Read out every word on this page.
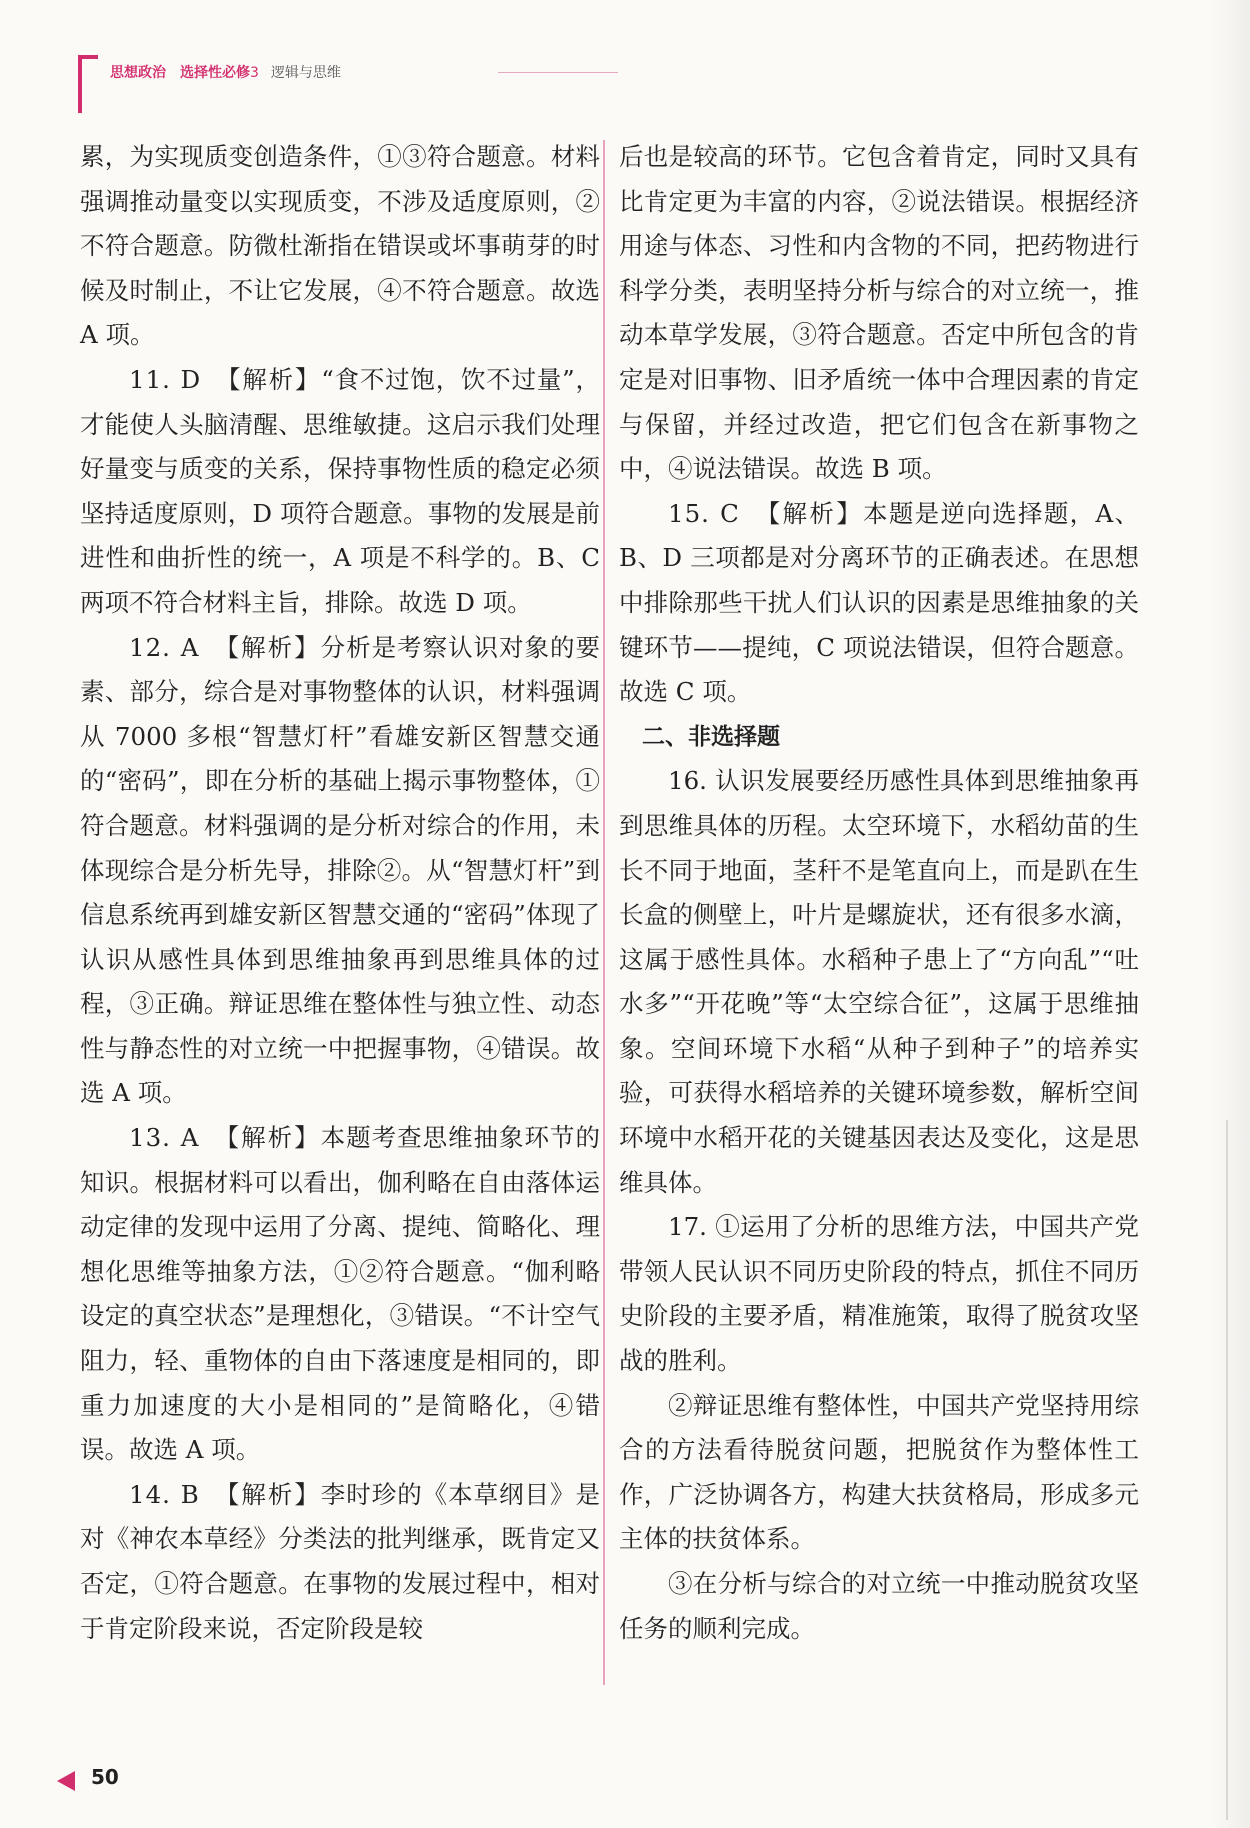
思想政治 选择性必修3 逻辑与思维

累，为实现质变创造条件，①③符合题意。材料强调推动量变以实现质变，不涉及适度原则，②不符合题意。防微杜渐指在错误或坏事萌芽的时候及时制止，不让它发展，④不符合题意。故选 A 项。

11. D　【解析】“食不过饱，饮不过量”，才能使人头脑清醒、思维敏捷。这启示我们处理好量变与质变的关系，保持事物性质的稳定必须坚持适度原则，D 项符合题意。事物的发展是前进性和曲折性的统一，A 项是不科学的。B、C 两项不符合材料主旨，排除。故选 D 项。

12. A　【解析】分析是考察认识对象的要素、部分，综合是对事物整体的认识，材料强调从 7000 多根“智慧灯杆”看雄安新区智慧交通的“密码”，即在分析的基础上揭示事物整体，①符合题意。材料强调的是分析对综合的作用，未体现综合是分析先导，排除②。从“智慧灯杆”到信息系统再到雄安新区智慧交通的“密码”体现了认识从感性具体到思维抽象再到思维具体的过程，③正确。辩证思维在整体性与独立性、动态性与静态性的对立统一中把握事物，④错误。故选 A 项。

13. A　【解析】本题考查思维抽象环节的知识。根据材料可以看出，伽利略在自由落体运动定律的发现中运用了分离、提纯、简略化、理想化思维等抽象方法，①②符合题意。“伽利略设定的真空状态”是理想化，③错误。“不计空气阻力，轻、重物体的自由下落速度是相同的，即重力加速度的大小是相同的”是简略化，④错误。故选 A 项。

14. B　【解析】李时珍的《本草纲目》是对《神农本草经》分类法的批判继承，既肯定又否定，①符合题意。在事物的发展过程中，相对于肯定阶段来说，否定阶段是较

后也是较高的环节。它包含着肯定，同时又具有比肯定更为丰富的内容，②说法错误。根据经济用途与体态、习性和内含物的不同，把药物进行科学分类，表明坚持分析与综合的对立统一，推动本草学发展，③符合题意。否定中所包含的肯定是对旧事物、旧矛盾统一体中合理因素的肯定与保留，并经过改造，把它们包含在新事物之中，④说法错误。故选 B 项。

15. C　【解析】本题是逆向选择题，A、B、D 三项都是对分离环节的正确表述。在思想中排除那些干扰人们认识的因素是思维抽象的关键环节——提纯，C 项说法错误，但符合题意。故选 C 项。

二、非选择题

16. 认识发展要经历感性具体到思维抽象再到思维具体的历程。太空环境下，水稻幼苗的生长不同于地面，茎秆不是笔直向上，而是趴在生长盒的侧壁上，叶片是螺旋状，还有很多水滴，这属于感性具体。水稻种子患上了“方向乱”“吐水多”“开花晚”等“太空综合征”，这属于思维抽象。空间环境下水稻“从种子到种子”的培养实验，可获得水稻培养的关键环境参数，解析空间环境中水稻开花的关键基因表达及变化，这是思维具体。

17. ①运用了分析的思维方法，中国共产党带领人民认识不同历史阶段的特点，抓住不同历史阶段的主要矛盾，精准施策，取得了脱贫攻坚战的胜利。

②辩证思维有整体性，中国共产党坚持用综合的方法看待脱贫问题，把脱贫作为整体性工作，广泛协调各方，构建大扶贫格局，形成多元主体的扶贫体系。

③在分析与综合的对立统一中推动脱贫攻坚任务的顺利完成。

50
